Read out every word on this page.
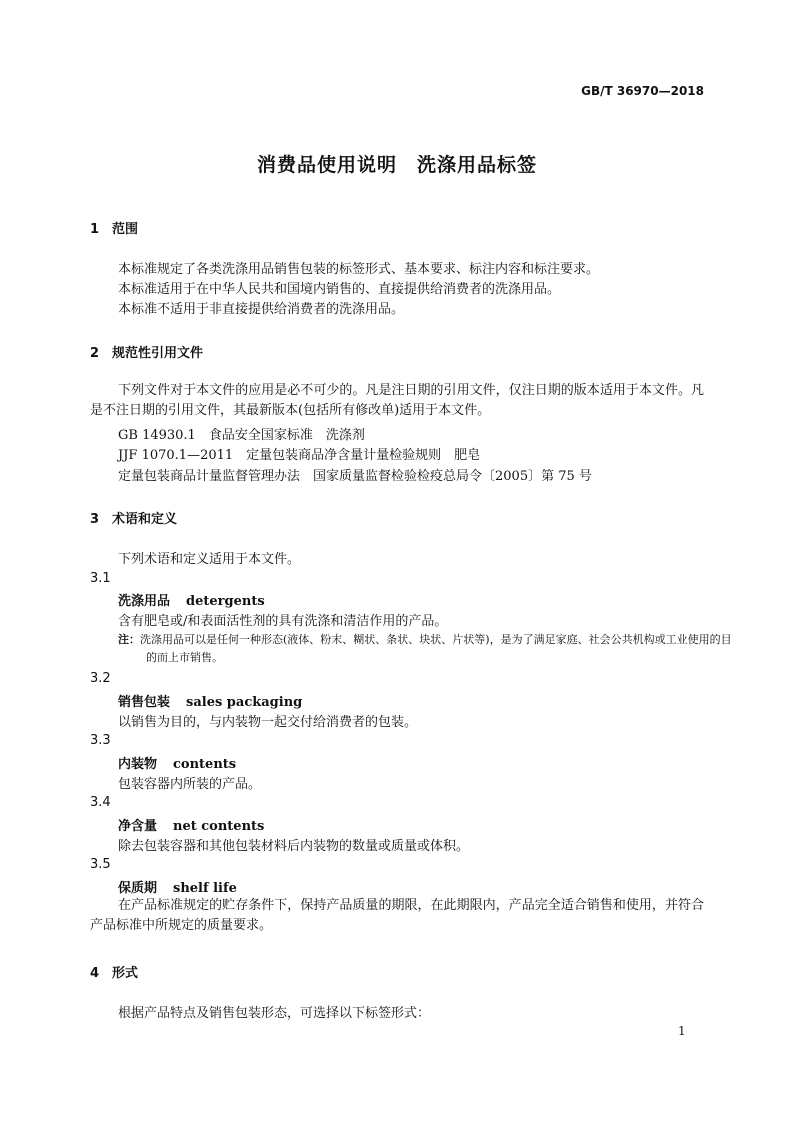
GB/T 36970—2018
消费品使用说明　洗涤用品标签
1 范围
本标准规定了各类洗涤用品销售包装的标签形式、基本要求、标注内容和标注要求。
本标准适用于在中华人民共和国境内销售的、直接提供给消费者的洗涤用品。
本标准不适用于非直接提供给消费者的洗涤用品。
2 规范性引用文件
下列文件对于本文件的应用是必不可少的。凡是注日期的引用文件，仅注日期的版本适用于本文件。凡是不注日期的引用文件，其最新版本(包括所有修改单)适用于本文件。
GB 14930.1　食品安全国家标准　洗涤剂
JJF 1070.1—2011　定量包装商品净含量计量检验规则　肥皂
定量包装商品计量监督管理办法　国家质量监督检验检疫总局令〔2005〕第 75 号
3 术语和定义
下列术语和定义适用于本文件。
3.1
洗涤用品 detergents
含有肥皂或/和表面活性剂的具有洗涤和清洁作用的产品。
注：洗涤用品可以是任何一种形态(液体、粉末、糊状、条状、块状、片状等)，是为了满足家庭、社会公共机构或工业使用的目的而上市销售。
3.2
销售包装 sales packaging
以销售为目的，与内装物一起交付给消费者的包装。
3.3
内装物 contents
包装容器内所装的产品。
3.4
净含量 net contents
除去包装容器和其他包装材料后内装物的数量或质量或体积。
3.5
保质期 shelf life
在产品标准规定的贮存条件下，保持产品质量的期限，在此期限内，产品完全适合销售和使用，并符合产品标准中所规定的质量要求。
4 形式
根据产品特点及销售包装形态，可选择以下标签形式：
1
